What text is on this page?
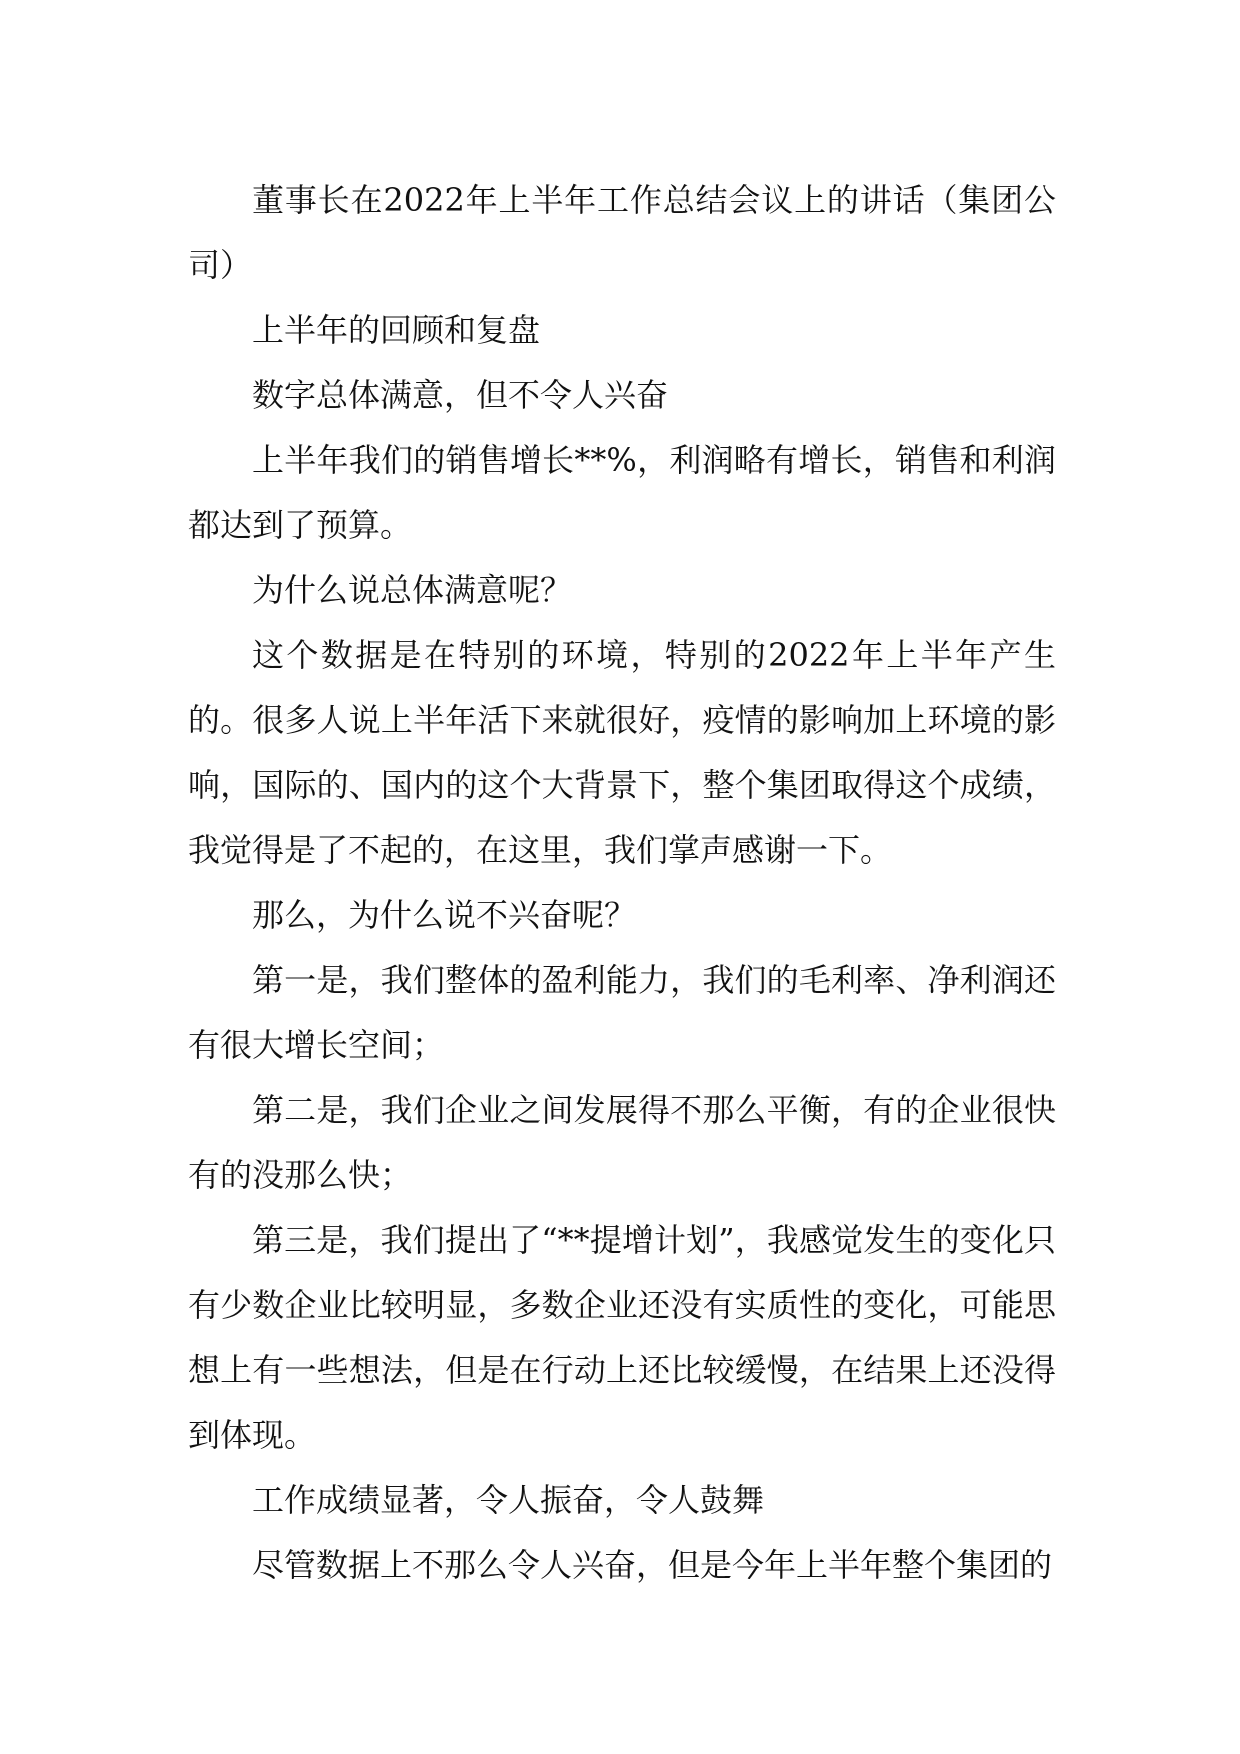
董事长在2022年上半年工作总结会议上的讲话（集团公司）

上半年的回顾和复盘

数字总体满意，但不令人兴奋

上半年我们的销售增长**%，利润略有增长，销售和利润都达到了预算。

为什么说总体满意呢？

这个数据是在特别的环境，特别的2022年上半年产生的。很多人说上半年活下来就很好，疫情的影响加上环境的影响，国际的、国内的这个大背景下，整个集团取得这个成绩，我觉得是了不起的，在这里，我们掌声感谢一下。

那么，为什么说不兴奋呢？

第一是，我们整体的盈利能力，我们的毛利率、净利润还有很大增长空间；

第二是，我们企业之间发展得不那么平衡，有的企业很快有的没那么快；

第三是，我们提出了“**提增计划”，我感觉发生的变化只有少数企业比较明显，多数企业还没有实质性的变化，可能思想上有一些想法，但是在行动上还比较缓慢，在结果上还没得到体现。

工作成绩显著，令人振奋，令人鼓舞

尽管数据上不那么令人兴奋，但是今年上半年整个集团的
